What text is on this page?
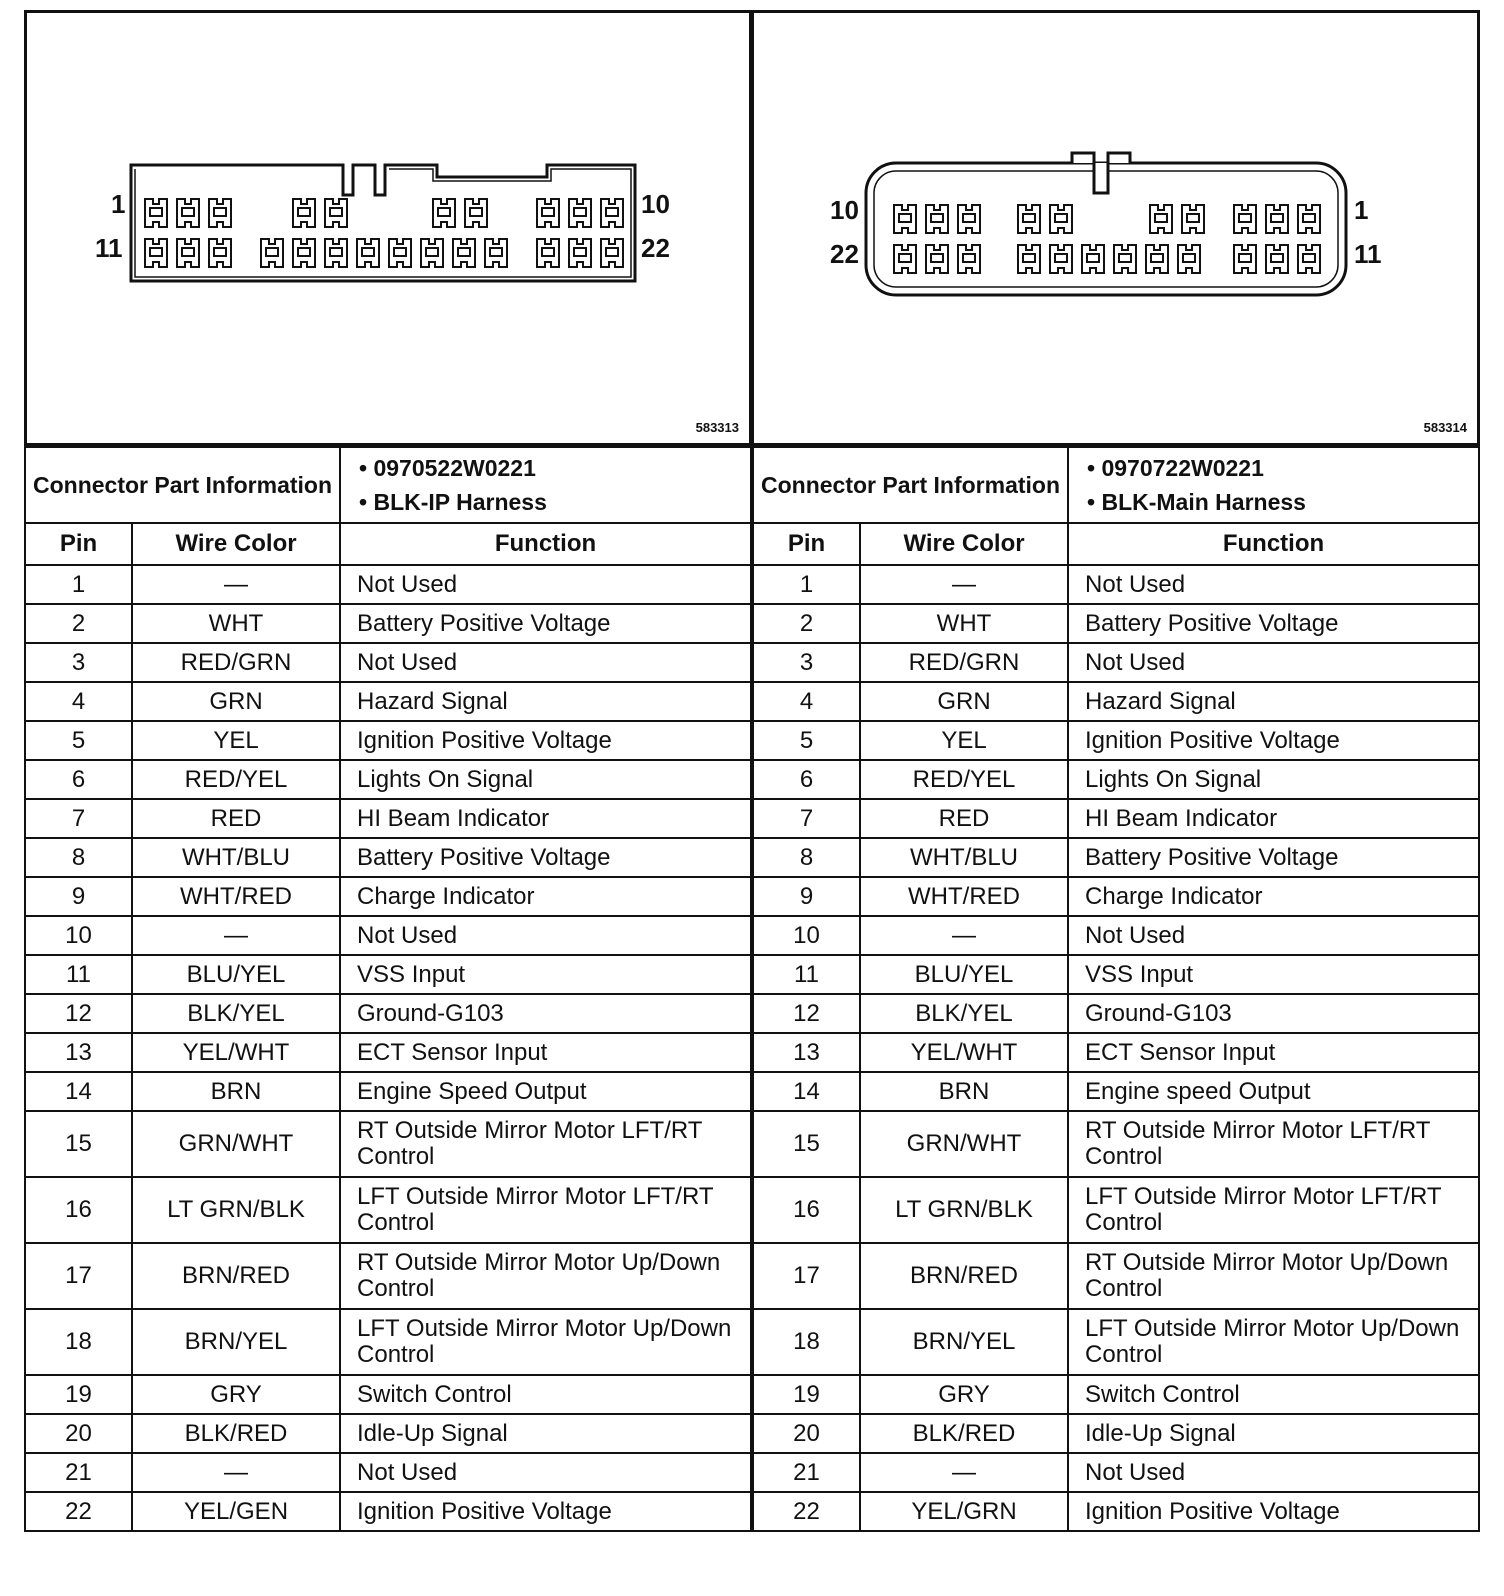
1
11
10
22
583313
Connector Part Information		• 0970522W0221
• BLK-IP Harness

Pin	Wire Color	Function
1	—	Not Used
2	WHT	Battery Positive Voltage
3	RED/GRN	Not Used
4	GRN	Hazard Signal
5	YEL	Ignition Positive Voltage
6	RED/YEL	Lights On Signal
7	RED	HI Beam Indicator
8	WHT/BLU	Battery Positive Voltage
9	WHT/RED	Charge Indicator
10	—	Not Used
11	BLU/YEL	VSS Input
12	BLK/YEL	Ground-G103
13	YEL/WHT	ECT Sensor Input
14	BRN	Engine Speed Output
15	GRN/WHT	RT Outside Mirror Motor LFT/RT Control
16	LT GRN/BLK	LFT Outside Mirror Motor LFT/RT Control
17	BRN/RED	RT Outside Mirror Motor Up/Down Control
18	BRN/YEL	LFT Outside Mirror Motor Up/Down Control
19	GRY	Switch Control
20	BLK/RED	Idle-Up Signal
21	—	Not Used
22	YEL/GEN	Ignition Positive Voltage
10
22
1
11
583314
Connector Part Information		• 0970722W0221
• BLK-Main Harness

Pin	Wire Color	Function
1	—	Not Used
2	WHT	Battery Positive Voltage
3	RED/GRN	Not Used
4	GRN	Hazard Signal
5	YEL	Ignition Positive Voltage
6	RED/YEL	Lights On Signal
7	RED	HI Beam Indicator
8	WHT/BLU	Battery Positive Voltage
9	WHT/RED	Charge Indicator
10	—	Not Used
11	BLU/YEL	VSS Input
12	BLK/YEL	Ground-G103
13	YEL/WHT	ECT Sensor Input
14	BRN	Engine speed Output
15	GRN/WHT	RT Outside Mirror Motor LFT/RT Control
16	LT GRN/BLK	LFT Outside Mirror Motor LFT/RT Control
17	BRN/RED	RT Outside Mirror Motor Up/Down Control
18	BRN/YEL	LFT Outside Mirror Motor Up/Down Control
19	GRY	Switch Control
20	BLK/RED	Idle-Up Signal
21	—	Not Used
22	YEL/GRN	Ignition Positive Voltage
